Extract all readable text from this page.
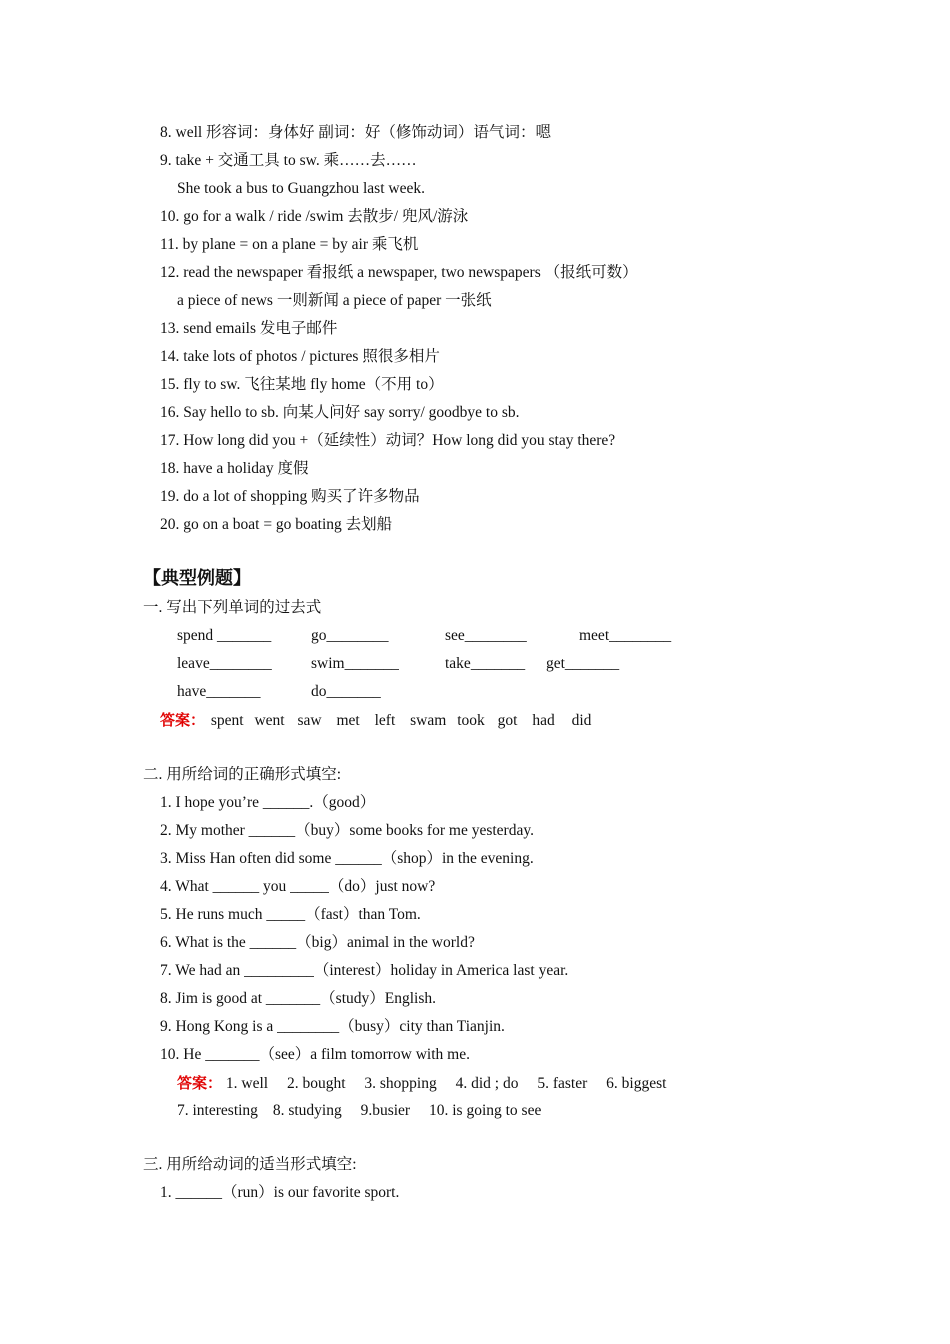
8. well 形容词：身体好 副词：好（修饰动词）语气词：嗯
9. take + 交通工具 to sw. 乘……去……
She took a bus to Guangzhou last week.
10. go for a walk / ride /swim 去散步/ 兜风/游泳
11. by plane = on a plane = by air 乘飞机
12. read the newspaper 看报纸 a newspaper, two newspapers （报纸可数）
a piece of news 一则新闻 a piece of paper 一张纸
13. send emails 发电子邮件
14. take lots of photos / pictures 照很多相片
15. fly to sw. 飞往某地 fly home（不用 to）
16. Say hello to sb. 向某人问好 say sorry/ goodbye to sb.
17. How long did you +（延续性）动词？How long did you stay there?
18. have a holiday 度假
19. do a lot of shopping 购买了许多物品
20. go on a boat = go boating 去划船
【典型例题】
一. 写出下列单词的过去式
spend _______	go________	see________	meet________
leave________	swim_______	take_______ get_______
have_______	do_______
答案： spent went saw met left swam took got had did
二. 用所给词的正确形式填空:
1. I hope you’re ______.（good）
2. My mother ______（buy）some books for me yesterday.
3. Miss Han often did some ______（shop）in the evening.
4. What ______ you _____（do）just now?
5. He runs much _____（fast）than Tom.
6. What is the ______（big）animal in the world?
7. We had an _________（interest）holiday in America last year.
8. Jim is good at _______（study）English.
9. Hong Kong is a ________（busy）city than Tianjin.
10. He _______（see）a film tomorrow with me.
答案： 1. well 2. bought 3. shopping 4. did ; do 5. faster 6. biggest
7. interesting 8. studying 9.busier 10. is going to see
三. 用所给动词的适当形式填空:
1. ______（run）is our favorite sport.
